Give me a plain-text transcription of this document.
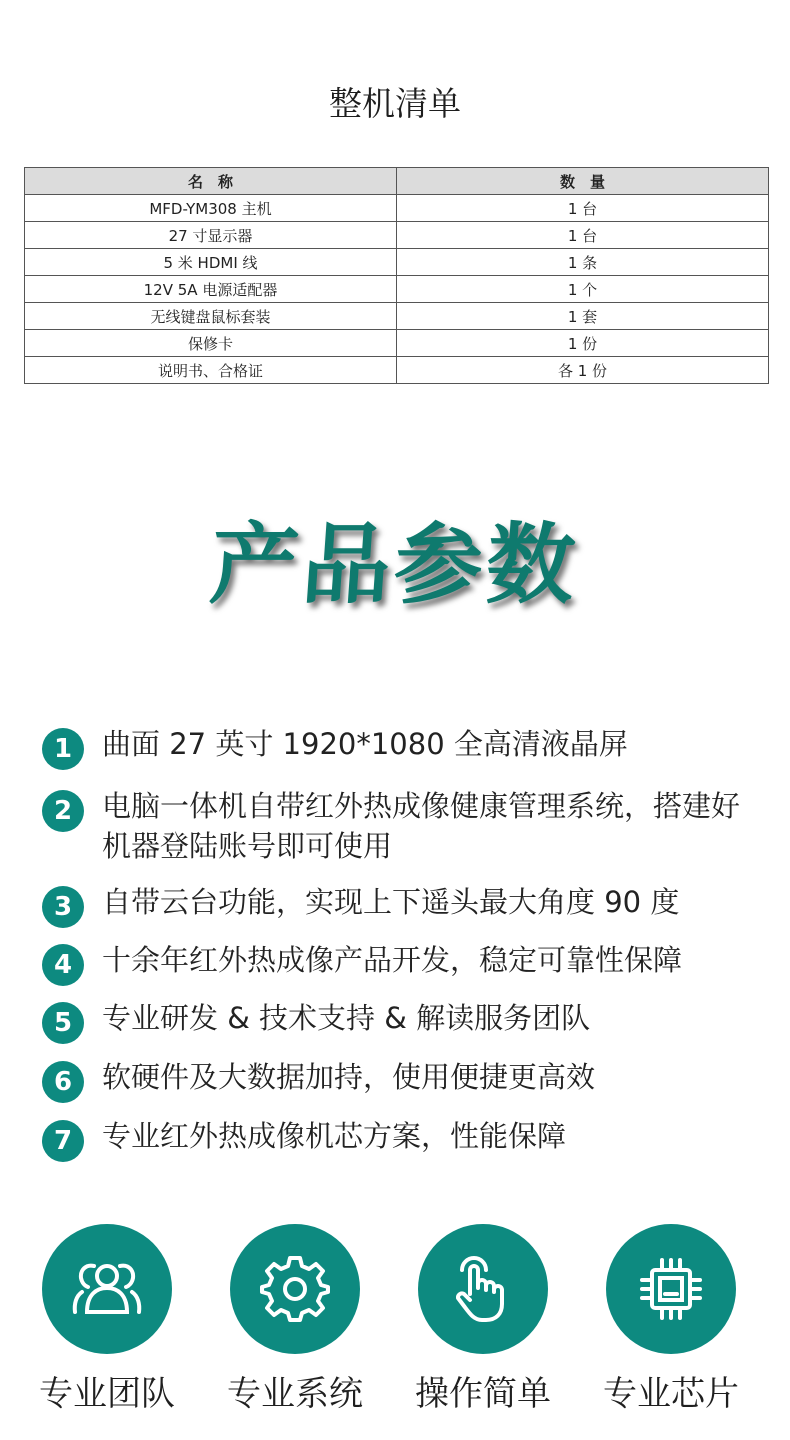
整机清单
名　称	数　量
MFD-YM308 主机	1 台
27 寸显示器	1 台
5 米 HDMI 线	1 条
12V 5A 电源适配器	1 个
无线键盘鼠标套装	1 套
保修卡	1 份
说明书、合格证	各 1 份
产品参数
1	曲面 27 英寸 1920*1080 全高清液晶屏
2	电脑一体机自带红外热成像健康管理系统，搭建好机器登陆账号即可使用
3	自带云台功能，实现上下遥头最大角度 90 度
4	十余年红外热成像产品开发，稳定可靠性保障
5	专业研发 & 技术支持 & 解读服务团队
6	软硬件及大数据加持，使用便捷更高效
7	专业红外热成像机芯方案，性能保障
专业团队	专业系统	操作简单	专业芯片
